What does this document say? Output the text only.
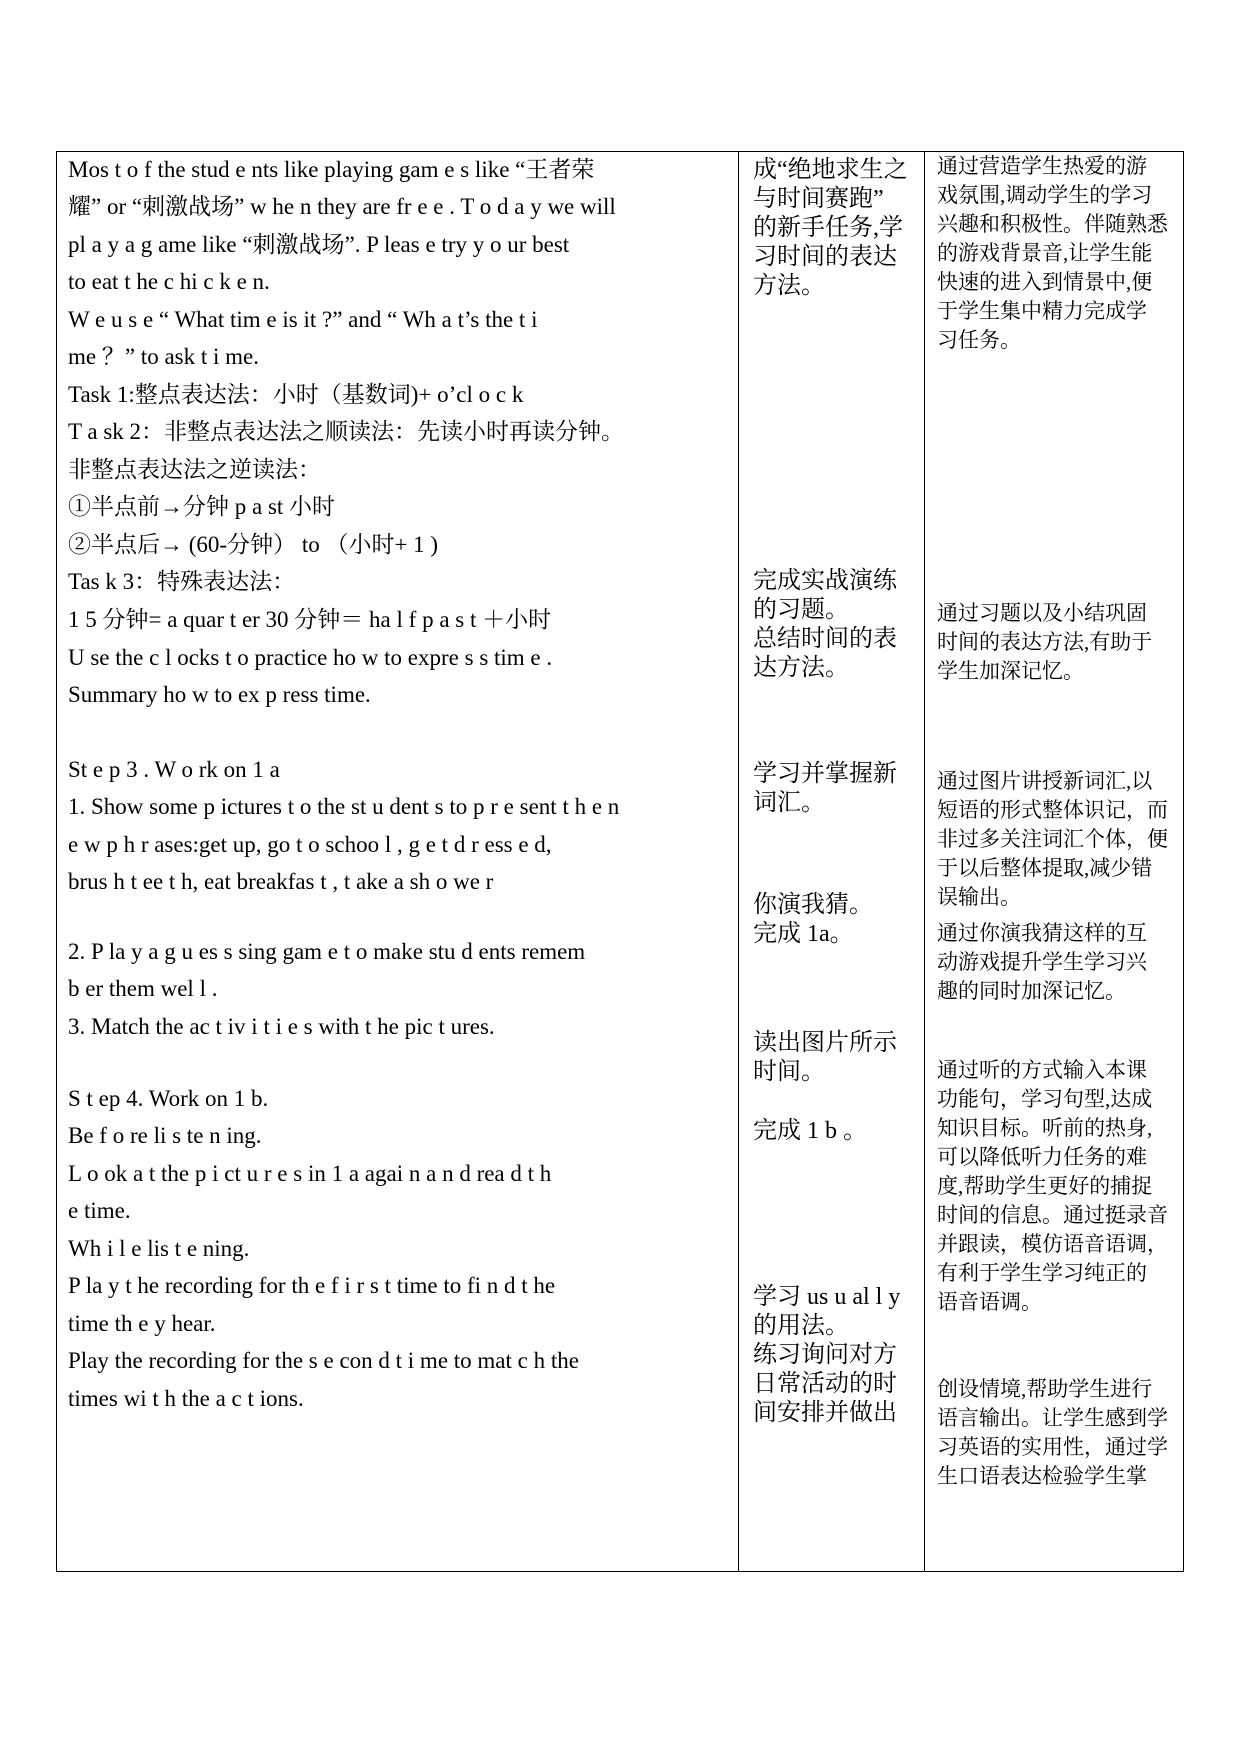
Mos t o f the stud e nts like playing gam e s like “王者荣
耀” or “刺激战场” w he n they are fr e e . T o d a y we will
pl a y a g ame like “刺激战场”. P leas e try y o ur best
to eat t he c hi c k e n.
W e u s e “ What tim e is it ?” and “ Wh a t’s the t i
me ？” to ask t i me.
Task 1:整点表达法：小时（基数词)+ o’cl o c k
T a sk 2：非整点表达法之顺读法：先读小时再读分钟。
非整点表达法之逆读法：
①半点前→分钟 p a st 小时
②半点后→ (60-分钟） to （小时+ 1 )
Tas k 3：特殊表达法：
1 5 分钟= a quar t er 30 分钟＝ ha l f p a s t ＋小时
U se the c l ocks t o practice ho w to expre s s tim e .
Summary ho w to ex p ress time.
St e p 3 . W o rk on 1 a
1. Show some p ictures t o the st u dent s to p r e sent t h e n
e w p h r ases:get up, go t o schoo l , g e t d r ess e d,
brus h t ee t h, eat breakfas t , t ake a sh o we r
2. P la y a g u es s sing gam e t o make stu d ents remem
b er them wel l .
3. Match the ac t iv i t i e s with t he pic t ures.
S t ep 4. Work on 1 b.
Be f o re li s te n ing.
L o ok a t the p i ct u r e s in 1 a agai n a n d rea d t h
e time.
Wh i l e lis t e ning.
P la y t he recording for th e f i r s t time to fi n d t he
time th e y hear.
Play the recording for the s e con d t i me to mat c h the
times wi t h the a c t ions.
成“绝地求生之
与时间赛跑”
的新手任务,学
习时间的表达
方法。
完成实战演练
的习题。
总结时间的表
达方法。
学习并掌握新
词汇。
你演我猜。
完成 1a。
读出图片所示
时间。
完成 1 b 。
学习 us u al l y
的用法。
练习询问对方
日常活动的时
间安排并做出
通过营造学生热爱的游
戏氛围,调动学生的学习
兴趣和积极性。伴随熟悉
的游戏背景音,让学生能
快速的进入到情景中,便
于学生集中精力完成学
习任务。
通过习题以及小结巩固
时间的表达方法,有助于
学生加深记忆。
通过图片讲授新词汇,以
短语的形式整体识记，而
非过多关注词汇个体，便
于以后整体提取,减少错
误输出。
通过你演我猜这样的互
动游戏提升学生学习兴
趣的同时加深记忆。
通过听的方式输入本课
功能句，学习句型,达成
知识目标。听前的热身,
可以降低听力任务的难
度,帮助学生更好的捕捉
时间的信息。通过挺录音
并跟读，模仿语音语调，
有利于学生学习纯正的
语音语调。
创设情境,帮助学生进行
语言输出。让学生感到学
习英语的实用性，通过学
生口语表达检验学生掌
